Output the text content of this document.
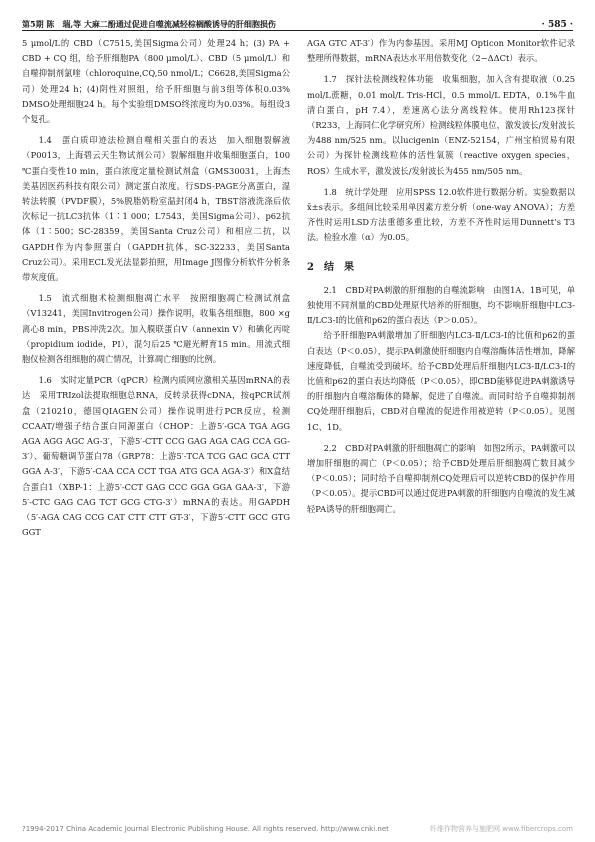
第5期 陈　瑞,等 大麻二酚通过促进自噬流减轻棕榈酸诱导的肝细胞损伤	· 585 ·

5 μmol/L的 CBD（C7515,美国Sigma公司）处理24 h；(3) PA + CBD + CQ 组，给予肝细胞PA（800 μmol/L）、CBD（5 μmol/L）和自噬抑制剂氯喹（chloroquine,CQ,50 nmol/L；C6628,美国Sigma公司）处理24 h；(4)阴性对照组，给予肝细胞与前3组等体积0.03% DMSO处理细胞24 h。每个实验组DMSO终浓度均为0.03%。每组设3个复孔。

1.4　蛋白质印迹法检测自噬相关蛋白的表达　加入细胞裂解液（P0013，上海碧云天生物试剂公司）裂解细胞并收集细胞蛋白，100 ℃蛋白变性10 min，蛋白浓度定量检测试剂盒（GMS30031，上海杰美基因医药科技有限公司）测定蛋白浓度。行SDS-PAGE分离蛋白，湿转法转膜（PVDF膜），5%脱脂奶粉室温封闭4 h，TBST溶液洗涤后依次标记一抗LC3抗体（1∶1 000；L7543，美国Sigma公司）、p62抗体（1∶500；SC-28359，美国Santa Cruz公司）和相应二抗，以GAPDH作为内参照蛋白（GAPDH抗体，SC-32233，美国Santa Cruz公司）。采用ECL发光法显影拍照，用Image J图像分析软件分析条带灰度值。

1.5　流式细胞术检测细胞凋亡水平　按照细胞凋亡检测试剂盒（V13241，美国Invitrogen公司）操作说明，收集各组细胞，800 ×g离心8 min，PBS冲洗2次。加入膜联蛋白V（annexin V）和碘化丙啶（propidium iodide，PI），混匀后25 ℃避光孵育15 min。用流式细胞仪检测各组细胞的凋亡情况，计算凋亡细胞的比例。

1.6　实时定量PCR（qPCR）检测内质网应激相关基因mRNA的表达　采用TRIzol法提取细胞总RNA，反转录获得cDNA，按qPCR试剂盒（210210，德国QIAGEN公司）操作说明进行PCR反应，检测CCAAT/增强子结合蛋白同源蛋白（CHOP：上游5′-GCA TGA AGG AGA AGG AGC AG-3′，下游5′-CTT CCG GAG AGA CAG CCA GG-3′）、葡萄糖调节蛋白78（GRP78：上游5′-TCA TCG GAC GCA CTT GGA A-3′，下游5′-CAA CCA CCT TGA ATG GCA AGA-3′）和X盒结合蛋白1（XBP-1：上游5′-CCT GAG CCC GGA GGA GAA-3′，下游5′-CTC GAG CAG TCT GCG CTG-3′）mRNA的表达。用GAPDH（5′-AGA CAG CCG CAT CTT CTT GT-3′，下游5′-CTT GCC GTG GGT

AGA GTC AT-3′）作为内参基因。采用MJ Opticon Monitor软件记录整理所得数据，mRNA表达水平用倍数变化（2−ΔΔCt）表示。

1.7　探针法检测线粒体功能　收集细胞，加入含有提取液（0.25 mol/L蔗糖，0.01 mol/L Tris-HCl，0.5 mmol/L EDTA，0.1%牛血清白蛋白，pH 7.4），差速离心法分离线粒体。使用Rh123探针（R233，上海同仁化学研究所）检测线粒体膜电位，激发波长/发射波长为488 nm/525 nm。以lucigenin（ENZ-52154，广州宝柏贸易有限公司）为探针检测线粒体的活性氧簇（reactive oxygen species，ROS）生成水平，激发波长/发射波长为455 nm/505 nm。

1.8　统计学处理　应用SPSS 12.0软件进行数据分析。实验数据以x̄±s表示。多组间比较采用单因素方差分析（one-way ANOVA）；方差齐性时运用LSD方法重德多重比较，方差不齐性时运用Dunnett’s T3法。检验水准（α）为0.05。

2　结　果

2.1　CBD对PA刺激的肝细胞的自噬流影响　由图1A、1B可见，单独使用不同剂量的CBD处理原代培养的肝细胞，均不影响肝细胞中LC3-Ⅱ/LC3-Ⅰ的比值和p62的蛋白表达（P＞0.05）。

给予肝细胞PA刺激增加了肝细胞内LC3-Ⅱ/LC3-Ⅰ的比值和p62的蛋白表达（P＜0.05），提示PA刺激使肝细胞内自噬溶酶体活性增加，降解速度降低，自噬流受到破坏。给予CBD处理后肝细胞内LC3-Ⅱ/LC3-Ⅰ的比值和p62的蛋白表达均降低（P＜0.05），即CBD能够促进PA刺激诱导的肝细胞内自噬溶酶体的降解，促进了自噬流。而同时给予自噬抑制剂CQ处理肝细胞后，CBD对自噬流的促进作用被逆转（P＜0.05）。见图1C、1D。

2.2　CBD对PA刺激的肝细胞凋亡的影响　如图2所示，PA刺激可以增加肝细胞的凋亡（P＜0.05）；给予CBD处理后肝细胞凋亡数目减少（P＜0.05）；同时给予自噬抑制剂CQ处理后可以逆转CBD的保护作用（P＜0.05）。提示CBD可以通过促进PA刺激的肝细胞内自噬流的发生减轻PA诱导的肝细胞凋亡。

?1994-2017 China Academic Journal Electronic Publishing House. All rights reserved. http://www.cnki.net	纤维作物营养与施肥网 www.fibercrops.com
